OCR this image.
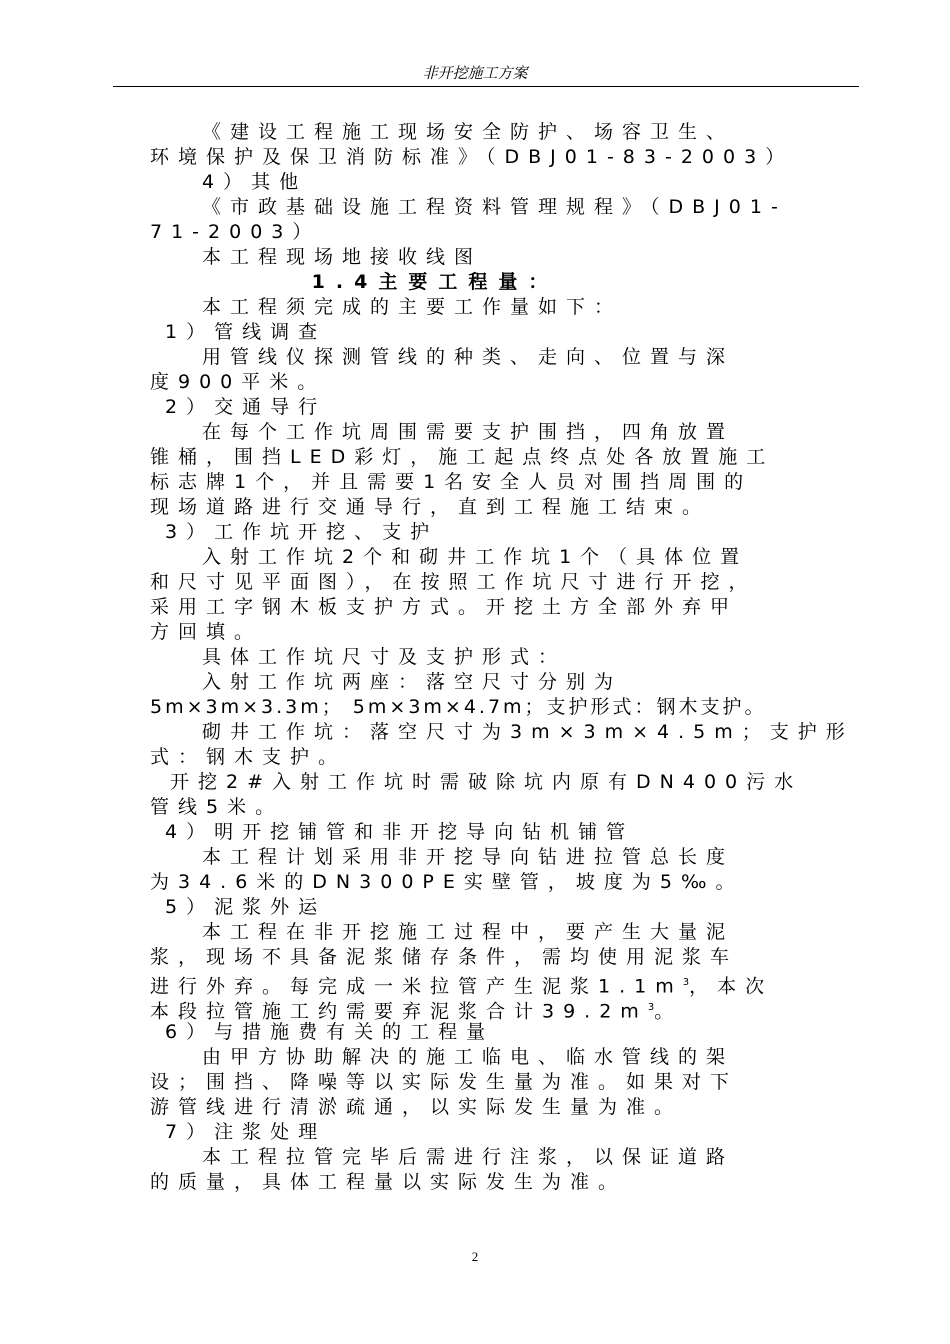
非开挖施工方案
《建设工程施工现场安全防护、场容卫生、
环境保护及保卫消防标准》（DBJ01-83-2003）
4）其他
《市政基础设施工程资料管理规程》（DBJ01-
71-2003）
本工程现场地接收线图
1.4主要工程量：
本工程须完成的主要工作量如下：
1）管线调查
用管线仪探测管线的种类、走向、位置与深
度900平米。
2）交通导行
在每个工作坑周围需要支护围挡，四角放置
锥桶，围挡LED彩灯，施工起点终点处各放置施工
标志牌1个，并且需要1名安全人员对围挡周围的
现场道路进行交通导行，直到工程施工结束。
3）工作坑开挖、支护
入射工作坑2个和砌井工作坑1个（具体位置
和尺寸见平面图），在按照工作坑尺寸进行开挖，
采用工字钢木板支护方式。开挖土方全部外弃甲
方回填。
具体工作坑尺寸及支护形式：
入射工作坑两座：落空尺寸分别为
5m×3m×3.3m； 5m×3m×4.7m；支护形式：钢木支护。
砌井工作坑：落空尺寸为3m×3m×4.5m；支护形
式：钢木支护。
开挖2#入射工作坑时需破除坑内原有DN400污水
管线5米。
4）明开挖铺管和非开挖导向钻机铺管
本工程计划采用非开挖导向钻进拉管总长度
为34.6米的DN300PE实壁管，坡度为5‰。
5）泥浆外运
本工程在非开挖施工过程中，要产生大量泥
浆，现场不具备泥浆储存条件，需均使用泥浆车
进行外弃。每完成一米拉管产生泥浆$1.1m^3$，本次
本段拉管施工约需要弃泥浆合计$39.2m^3$。
6）与措施费有关的工程量
由甲方协助解决的施工临电、临水管线的架
设；围挡、降噪等以实际发生量为准。如果对下
游管线进行清淤疏通，以实际发生量为准。
7）注浆处理
本工程拉管完毕后需进行注浆，以保证道路
的质量，具体工程量以实际发生为准。
2
